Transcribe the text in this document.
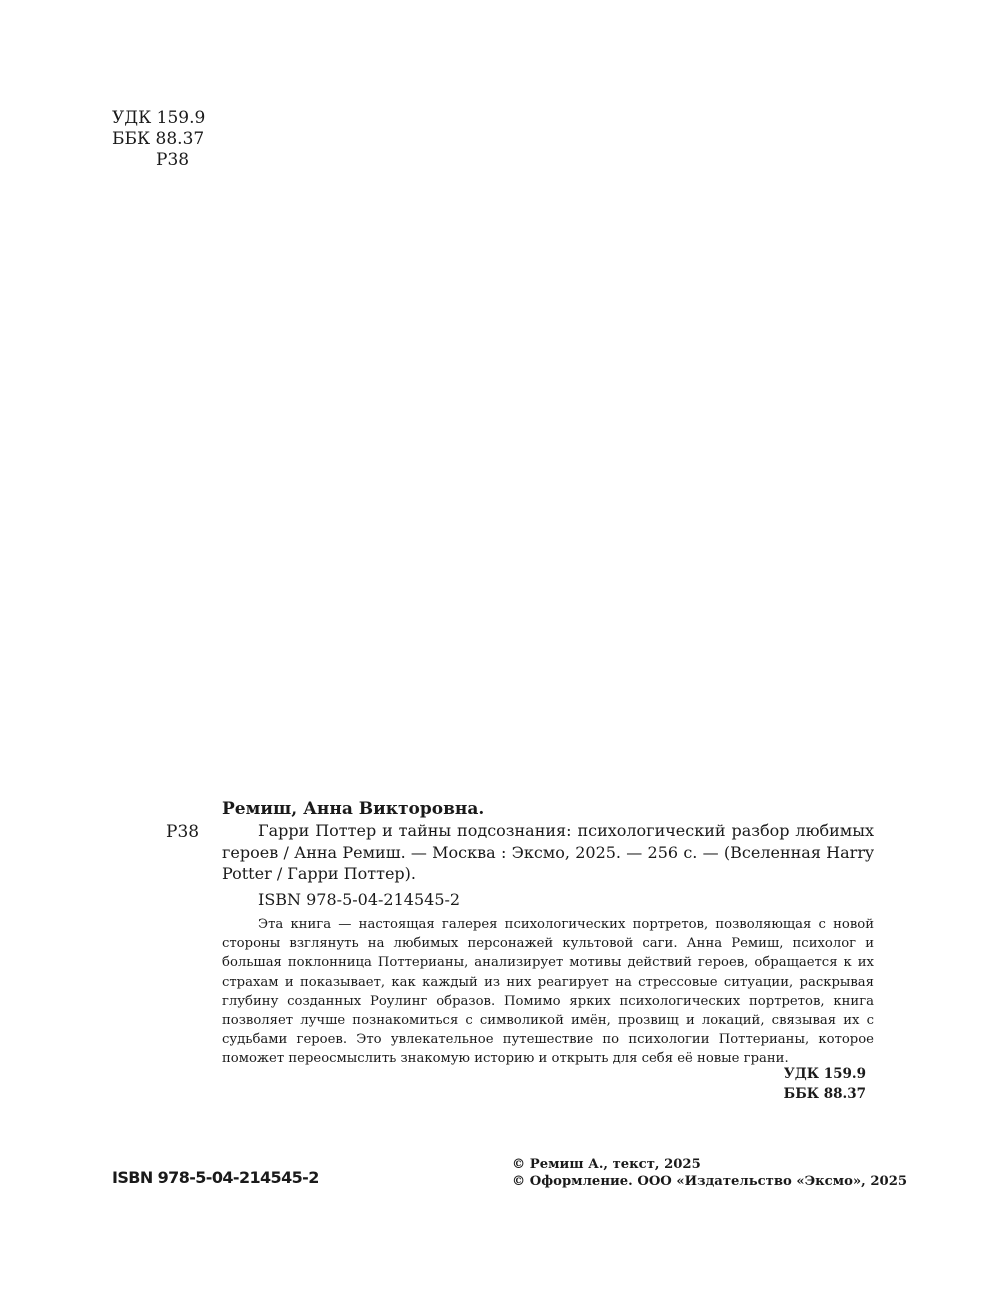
УДК 159.9
ББК 88.37
Р38
Ремиш, Анна Викторовна.
Р38	Гарри Поттер и тайны подсознания: психологический разбор любимых героев / Анна Ремиш. — Москва : Эксмо, 2025. — 256 с. — (Вселенная Harry Potter / Гарри Поттер).
ISBN 978-5-04-214545-2
Эта книга — настоящая галерея психологических портретов, позволяющая с новой стороны взглянуть на любимых персонажей культовой саги. Анна Ремиш, психолог и большая поклонница Поттерианы, анализирует мотивы действий героев, обращается к их страхам и показывает, как каждый из них реагирует на стрессовые ситуации, раскрывая глубину созданных Роулинг образов. Помимо ярких психологических портретов, книга позволяет лучше познакомиться с символикой имён, прозвищ и локаций, связывая их с судьбами героев. Это увлекательное путешествие по психологии Поттерианы, которое поможет переосмыслить знакомую историю и открыть для себя её новые грани.
УДК 159.9
ББК 88.37
ISBN 978-5-04-214545-2
© Ремиш А., текст, 2025
© Оформление. ООО «Издательство «Эксмо», 2025
